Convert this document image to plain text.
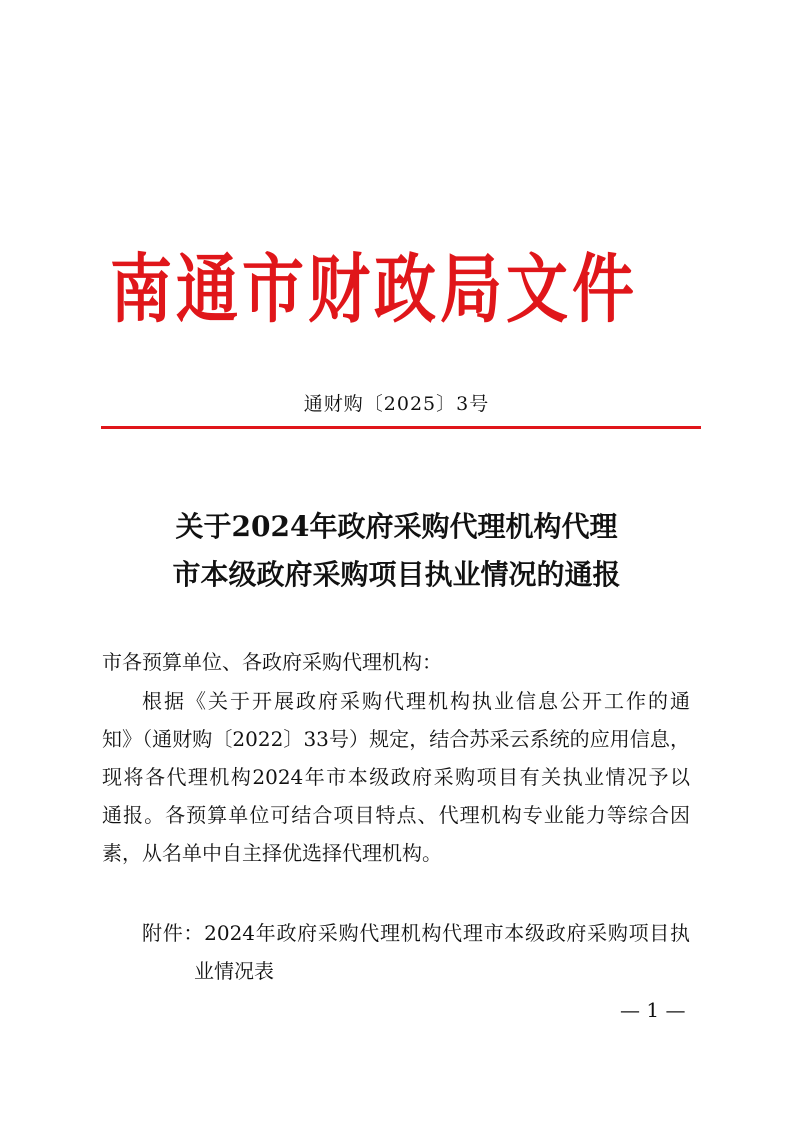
南通市财政局文件
通财购〔2025〕3号
关于2024年政府采购代理机构代理
市本级政府采购项目执业情况的通报
市各预算单位、各政府采购代理机构：
根据《关于开展政府采购代理机构执业信息公开工作的通
知》（通财购〔2022〕33号）规定，结合苏采云系统的应用信息，
现将各代理机构2024年市本级政府采购项目有关执业情况予以
通报。各预算单位可结合项目特点、代理机构专业能力等综合因
素，从名单中自主择优选择代理机构。
附件：2024年政府采购代理机构代理市本级政府采购项目执
业情况表
— 1 —
